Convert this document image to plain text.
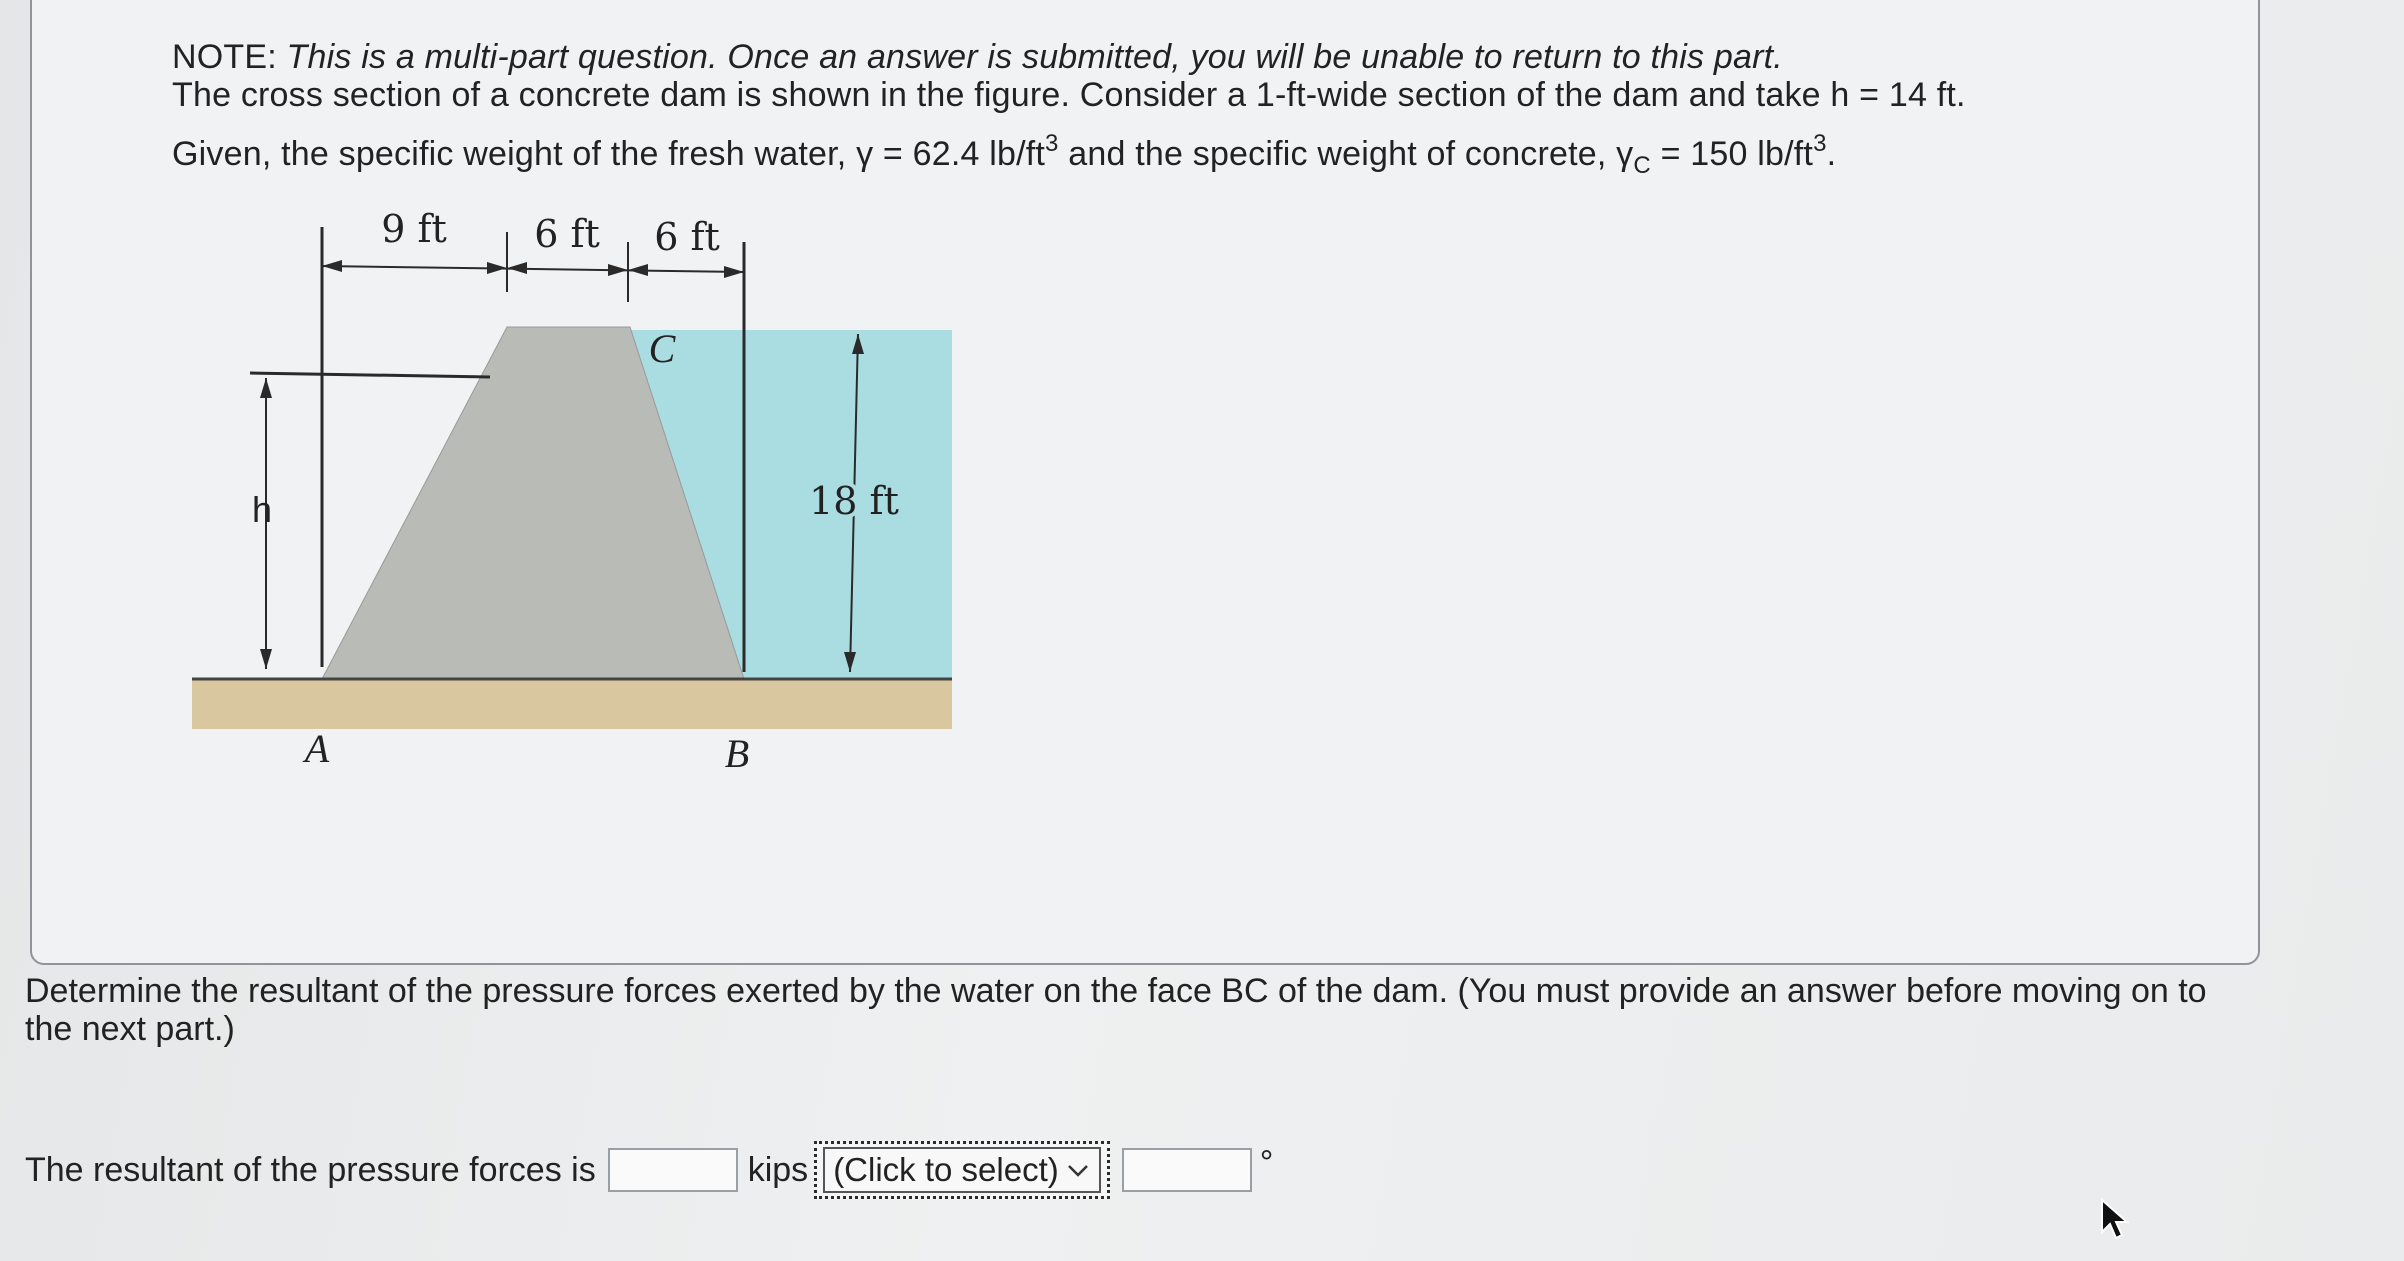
NOTE: This is a multi-part question. Once an answer is submitted, you will be unable to return to this part.
The cross section of a concrete dam is shown in the figure. Consider a 1-ft-wide section of the dam and take h = 14 ft.
Given, the specific weight of the fresh water, γ = 62.4 $lb/ft^3$ and the specific weight of concrete, $\gamma_C = 150$ $lb/ft^3$.
9 ft 6 ft 6 ft
h	18 ft
C
A	B
Determine the resultant of the pressure forces exerted by the water on the face BC of the dam. (You must provide an answer before moving on to the next part.)
The resultant of the pressure forces is	kips (Click to select)	°
